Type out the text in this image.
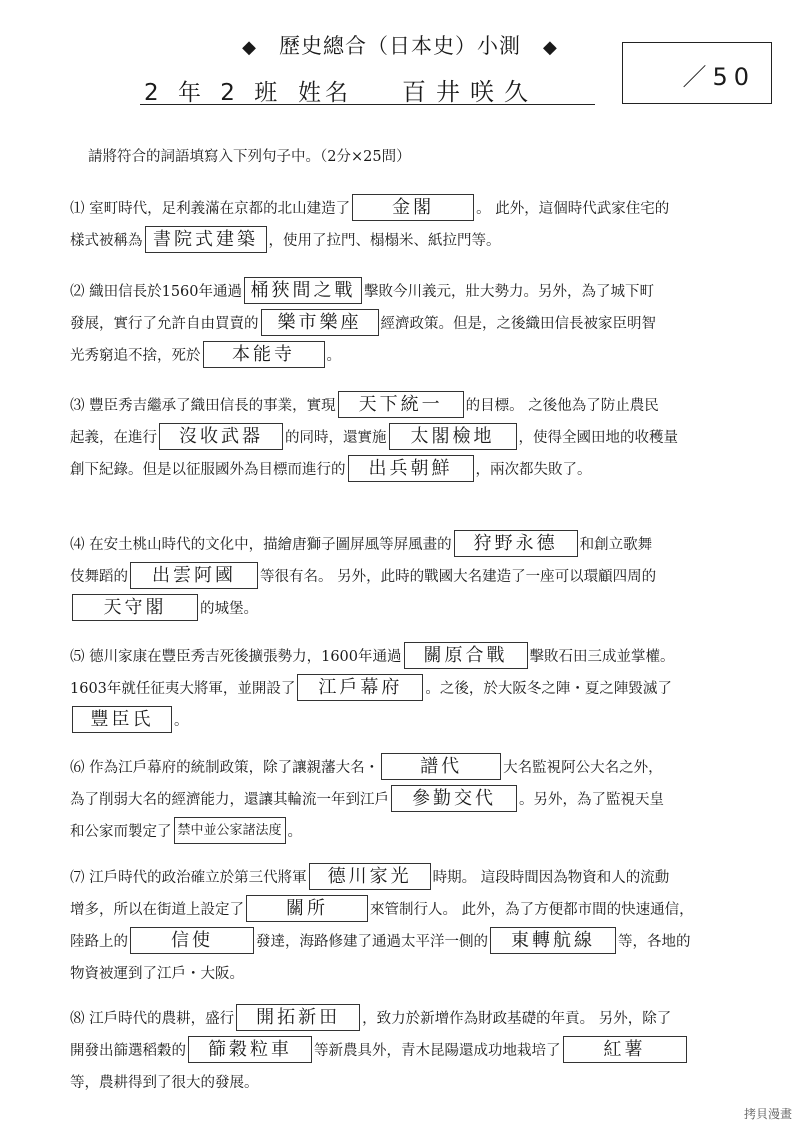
◆ 歷史總合（日本史）小測 ◆
2 年 2 班 姓名 百井咲久
／50
請將符合的詞語填寫入下列句子中。（2分×25問）
⑴ 室町時代，足利義滿在京都的北山建造了 金閣	。 此外，這個時代武家住宅的
樣式被稱為 書院式建築 ，使用了拉門、榻榻米、紙拉門等。
⑵ 織田信長於1560年通過 桶狹間之戰 擊敗今川義元，壯大勢力。另外，為了城下町
發展，實行了允許自由買賣的 樂市樂座 經濟政策。但是，之後織田信長被家臣明智
光秀窮追不捨，死於 本能寺 。
⑶ 豐臣秀吉繼承了織田信長的事業，實現 天下統一 的目標。 之後他為了防止農民
起義，在進行 沒收武器 的同時，還實施 太閣檢地 ，使得全國田地的收穫量
創下紀錄。但是以征服國外為目標而進行的 出兵朝鮮 ，兩次都失敗了。
⑷ 在安土桃山時代的文化中，描繪唐獅子圖屏風等屏風畫的 狩野永德 和創立歌舞
伎舞蹈的 出雲阿國 等很有名。 另外，此時的戰國大名建造了一座可以環顧四周的
天守閣 的城堡。
⑸ 德川家康在豐臣秀吉死後擴張勢力，1600年通過 關原合戰 擊敗石田三成並掌權。
1603年就任征夷大將軍，並開設了 江戶幕府 。之後，於大阪冬之陣・夏之陣毀滅了
豐臣氏 。
⑹ 作為江戶幕府的統制政策，除了讓親藩大名・ 譜代	大名監視阿公大名之外，
為了削弱大名的經濟能力，還讓其輪流一年到江戶 參勤交代 。另外，為了監視天皇
和公家而製定了 禁中並公家諸法度 。
⑺ 江戶時代的政治確立於第三代將軍 德川家光 時期。 這段時間因為物資和人的流動
增多，所以在街道上設定了 關所	來管制行人。 此外，為了方便都市間的快速通信，
陸路上的 信使	發達，海路修建了通過太平洋一側的 東轉航線 等，各地的
物資被運到了江戶・大阪。
⑻ 江戶時代的農耕，盛行 開拓新田 ，致力於新增作為財政基礎的年貢。 另外，除了
開發出篩選稻穀的 篩穀粒車 等新農具外，青木昆陽還成功地栽培了 紅薯
等，農耕得到了很大的發展。
拷貝漫畫
